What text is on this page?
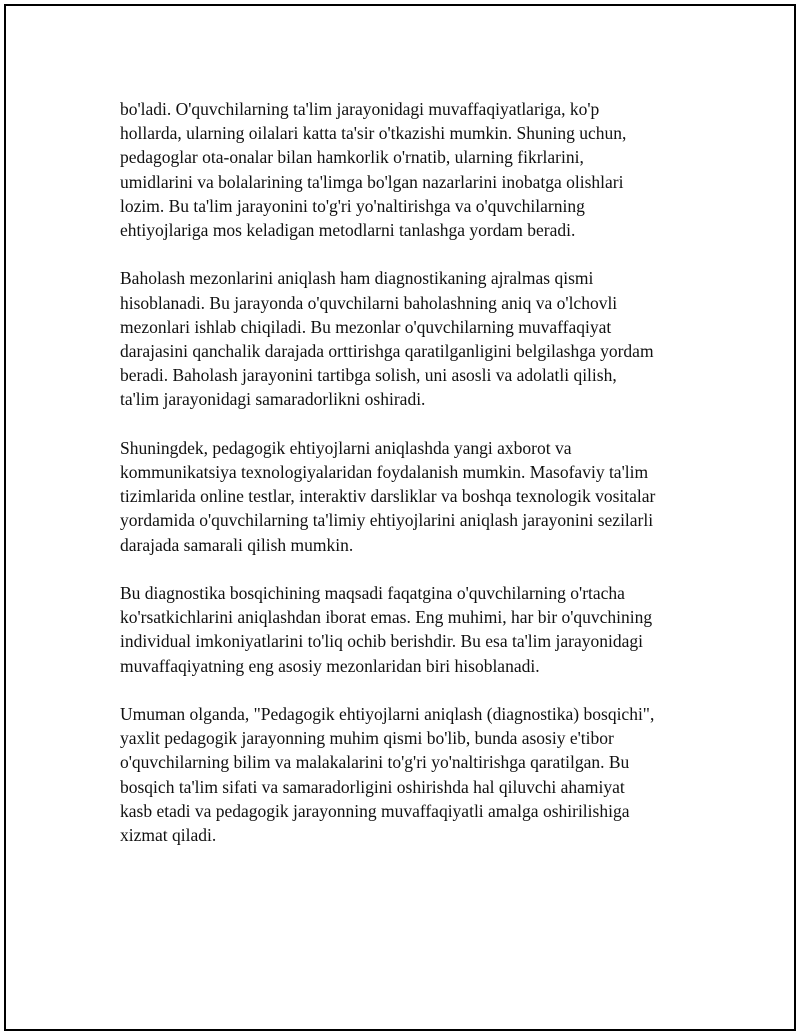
bo'ladi. O'quvchilarning ta'lim jarayonidagi muvaffaqiyatlariga, ko'p
hollarda, ularning oilalari katta ta'sir o'tkazishi mumkin. Shuning uchun,
pedagoglar ota-onalar bilan hamkorlik o'rnatib, ularning fikrlarini,
umidlarini va bolalarining ta'limga bo'lgan nazarlarini inobatga olishlari
lozim. Bu ta'lim jarayonini to'g'ri yo'naltirishga va o'quvchilarning
ehtiyojlariga mos keladigan metodlarni tanlashga yordam beradi.

Baholash mezonlarini aniqlash ham diagnostikaning ajralmas qismi
hisoblanadi. Bu jarayonda o'quvchilarni baholashning aniq va o'lchovli
mezonlari ishlab chiqiladi. Bu mezonlar o'quvchilarning muvaffaqiyat
darajasini qanchalik darajada orttirishga qaratilganligini belgilashga yordam
beradi. Baholash jarayonini tartibga solish, uni asosli va adolatli qilish,
ta'lim jarayonidagi samaradorlikni oshiradi.

Shuningdek, pedagogik ehtiyojlarni aniqlashda yangi axborot va
kommunikatsiya texnologiyalaridan foydalanish mumkin. Masofaviy ta'lim
tizimlarida online testlar, interaktiv darsliklar va boshqa texnologik vositalar
yordamida o'quvchilarning ta'limiy ehtiyojlarini aniqlash jarayonini sezilarli
darajada samarali qilish mumkin.

Bu diagnostika bosqichining maqsadi faqatgina o'quvchilarning o'rtacha
ko'rsatkichlarini aniqlashdan iborat emas. Eng muhimi, har bir o'quvchining
individual imkoniyatlarini to'liq ochib berishdir. Bu esa ta'lim jarayonidagi
muvaffaqiyatning eng asosiy mezonlaridan biri hisoblanadi.

Umuman olganda, "Pedagogik ehtiyojlarni aniqlash (diagnostika) bosqichi",
yaxlit pedagogik jarayonning muhim qismi bo'lib, bunda asosiy e'tibor
o'quvchilarning bilim va malakalarini to'g'ri yo'naltirishga qaratilgan. Bu
bosqich ta'lim sifati va samaradorligini oshirishda hal qiluvchi ahamiyat
kasb etadi va pedagogik jarayonning muvaffaqiyatli amalga oshirilishiga
xizmat qiladi.
